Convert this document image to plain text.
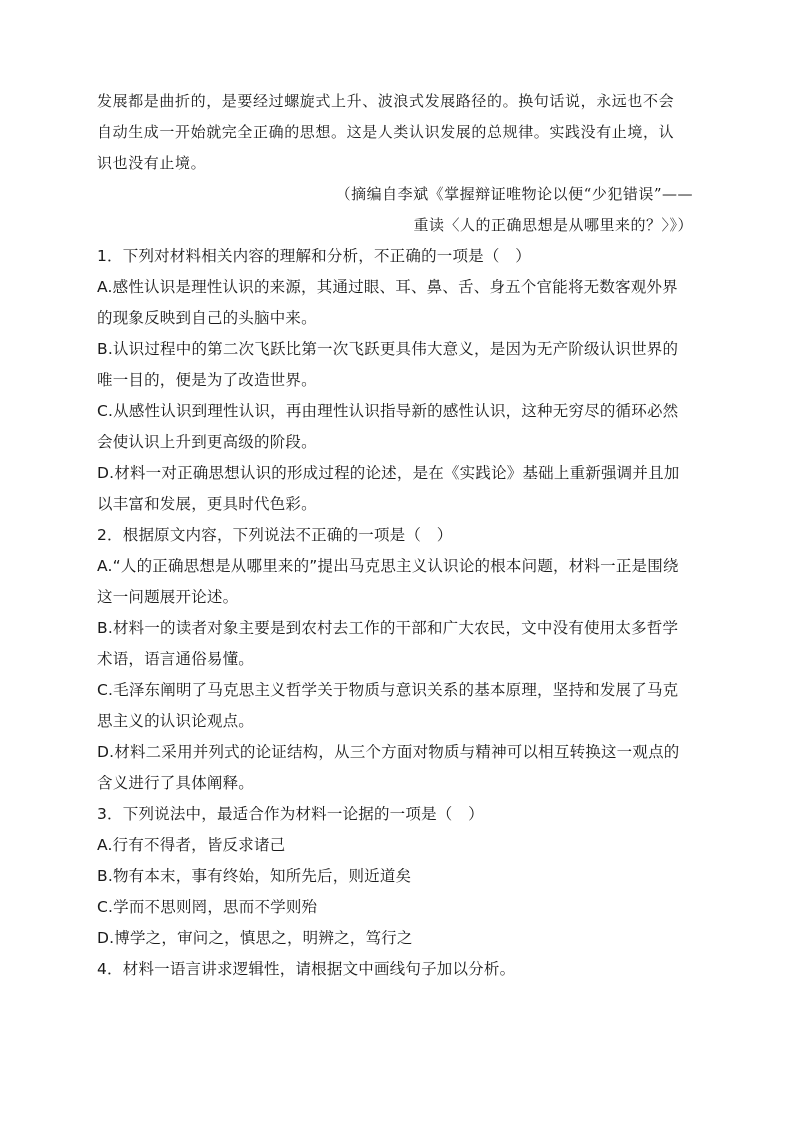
发展都是曲折的，是要经过螺旋式上升、波浪式发展路径的。换句话说，永远也不会
自动生成一开始就完全正确的思想。这是人类认识发展的总规律。实践没有止境，认
识也没有止境。
（摘编自李斌《掌握辩证唯物论以便“少犯错误”——
重读〈人的正确思想是从哪里来的？〉》）
1．下列对材料相关内容的理解和分析，不正确的一项是（　）
A.感性认识是理性认识的来源，其通过眼、耳、鼻、舌、身五个官能将无数客观外界
的现象反映到自己的头脑中来。
B.认识过程中的第二次飞跃比第一次飞跃更具伟大意义，是因为无产阶级认识世界的
唯一目的，便是为了改造世界。
C.从感性认识到理性认识，再由理性认识指导新的感性认识，这种无穷尽的循环必然
会使认识上升到更高级的阶段。
D.材料一对正确思想认识的形成过程的论述，是在《实践论》基础上重新强调并且加
以丰富和发展，更具时代色彩。
2．根据原文内容，下列说法不正确的一项是（　）
A.“人的正确思想是从哪里来的”提出马克思主义认识论的根本问题，材料一正是围绕
这一问题展开论述。
B.材料一的读者对象主要是到农村去工作的干部和广大农民，文中没有使用太多哲学
术语，语言通俗易懂。
C.毛泽东阐明了马克思主义哲学关于物质与意识关系的基本原理，坚持和发展了马克
思主义的认识论观点。
D.材料二采用并列式的论证结构，从三个方面对物质与精神可以相互转换这一观点的
含义进行了具体阐释。
3．下列说法中，最适合作为材料一论据的一项是（　）
A.行有不得者，皆反求诸己
B.物有本末，事有终始，知所先后，则近道矣
C.学而不思则罔，思而不学则殆
D.博学之，审问之，慎思之，明辨之，笃行之
4．材料一语言讲求逻辑性，请根据文中画线句子加以分析。
